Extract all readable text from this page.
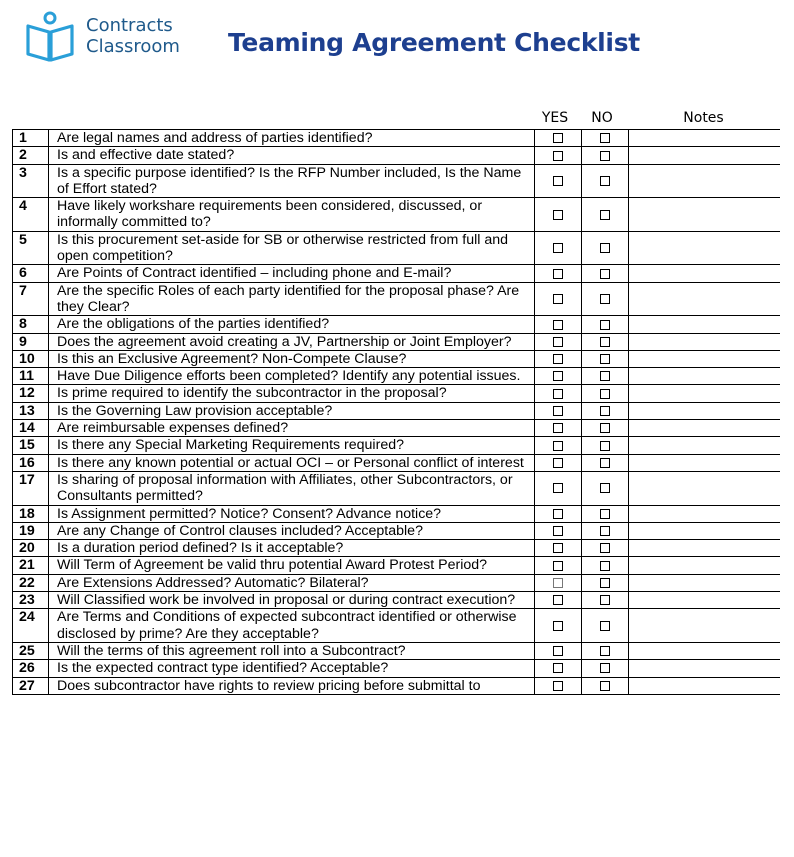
Contracts
Classroom Teaming Agreement Checklist
YES	NO	Notes
1	Are legal names and address of parties identified?			
2	Is and effective date stated?			
3	Is a specific purpose identified? Is the RFP Number included, Is the Name of Effort stated?			
4	Have likely workshare requirements been considered, discussed, or informally committed to?			
5	Is this procurement set-aside for SB or otherwise restricted from full and open competition?			
6	Are Points of Contract identified – including phone and E-mail?			
7	Are the specific Roles of each party identified for the proposal phase? Are they Clear?			
8	Are the obligations of the parties identified?			
9	Does the agreement avoid creating a JV, Partnership or Joint Employer?			
10	Is this an Exclusive Agreement? Non-Compete Clause?			
11	Have Due Diligence efforts been completed? Identify any potential issues.			
12	Is prime required to identify the subcontractor in the proposal?			
13	Is the Governing Law provision acceptable?			
14	Are reimbursable expenses defined?			
15	Is there any Special Marketing Requirements required?			
16	Is there any known potential or actual OCI – or Personal conflict of interest			
17	Is sharing of proposal information with Affiliates, other Subcontractors, or Consultants permitted?			
18	Is Assignment permitted? Notice? Consent? Advance notice?			
19	Are any Change of Control clauses included? Acceptable?			
20	Is a duration period defined? Is it acceptable?			
21	Will Term of Agreement be valid thru potential Award Protest Period?			
22	Are Extensions Addressed? Automatic? Bilateral?			
23	Will Classified work be involved in proposal or during contract execution?			
24	Are Terms and Conditions of expected subcontract identified or otherwise disclosed by prime? Are they acceptable?			
25	Will the terms of this agreement roll into a Subcontract?			
26	Is the expected contract type identified? Acceptable?			
27	Does subcontractor have rights to review pricing before submittal to			
